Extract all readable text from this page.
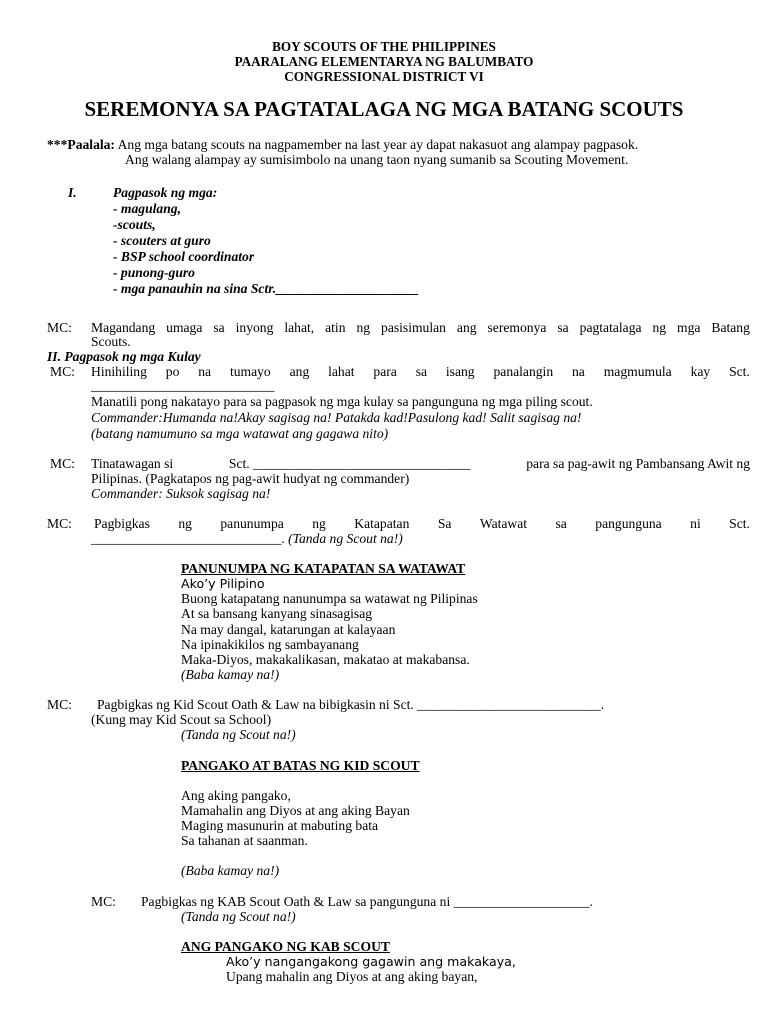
BOY SCOUTS OF THE PHILIPPINES

PAARALANG ELEMENTARYA NG BALUMBATO

CONGRESSIONAL DISTRICT VI

SEREMONYA SA PAGTATALAGA NG MGA BATANG SCOUTS

***Paalala: Ang mga batang scouts na nagpamember na last year ay dapat nakasuot ang alampay pagpasok.

Ang walang alampay ay sumisimbolo na unang taon nyang sumanib sa Scouting Movement.

I.	Pagpasok ng mga:

- magulang,

-scouts,

- scouters at guro

- BSP school coordinator

- punong-guro

- mga panauhin na sina Sctr._____________________

MC: Magandang umaga sa inyong lahat, atin ng pasisimulan ang seremonya sa pagtatalaga ng mga Batang

Scouts.

II. Pagpasok ng mga Kulay

MC: Hinihiling po na tumayo ang lahat para sa isang panalangin na magmumula kay Sct.

___________________________

Manatili pong nakatayo para sa pagpasok ng mga kulay sa pangunguna ng mga piling scout.

Commander:Humanda na!Akay sagisag na! Patakda kad!Pasulong kad! Salit sagisag na!

(batang namumuno sa mga watawat ang gagawa nito)

MC: Tinatawagan si	Sct. ________________________________	para sa pag-awit ng Pambansang Awit ng

Pilipinas. (Pagkatapos ng pag-awit hudyat ng commander)

Commander: Suksok sagisag na!

MC: Pagbigkas ng panunumpa ng Katapatan Sa Watawat sa pangunguna ni Sct.

____________________________. (Tanda ng Scout na!)

PANUNUMPA NG KATAPATAN SA WATAWAT

Ako’y Pilipino

Buong katapatang nanunumpa sa watawat ng Pilipinas

At sa bansang kanyang sinasagisag

Na may dangal, katarungan at kalayaan

Na ipinakikilos ng sambayanang

Maka-Diyos, makakalikasan, makatao at makabansa.

(Baba kamay na!)

MC: Pagbigkas ng Kid Scout Oath & Law na bibigkasin ni Sct. ___________________________.

(Kung may Kid Scout sa School)

(Tanda ng Scout na!)

PANGAKO AT BATAS NG KID SCOUT

Ang aking pangako,

Mamahalin ang Diyos at ang aking Bayan

Maging masunurin at mabuting bata

Sa tahanan at saanman.

(Baba kamay na!)

MC: Pagbigkas ng KAB Scout Oath & Law sa pangunguna ni ____________________.

(Tanda ng Scout na!)

ANG PANGAKO NG KAB SCOUT

Ako’y nangangakong gagawin ang makakaya,

Upang mahalin ang Diyos at ang aking bayan,
